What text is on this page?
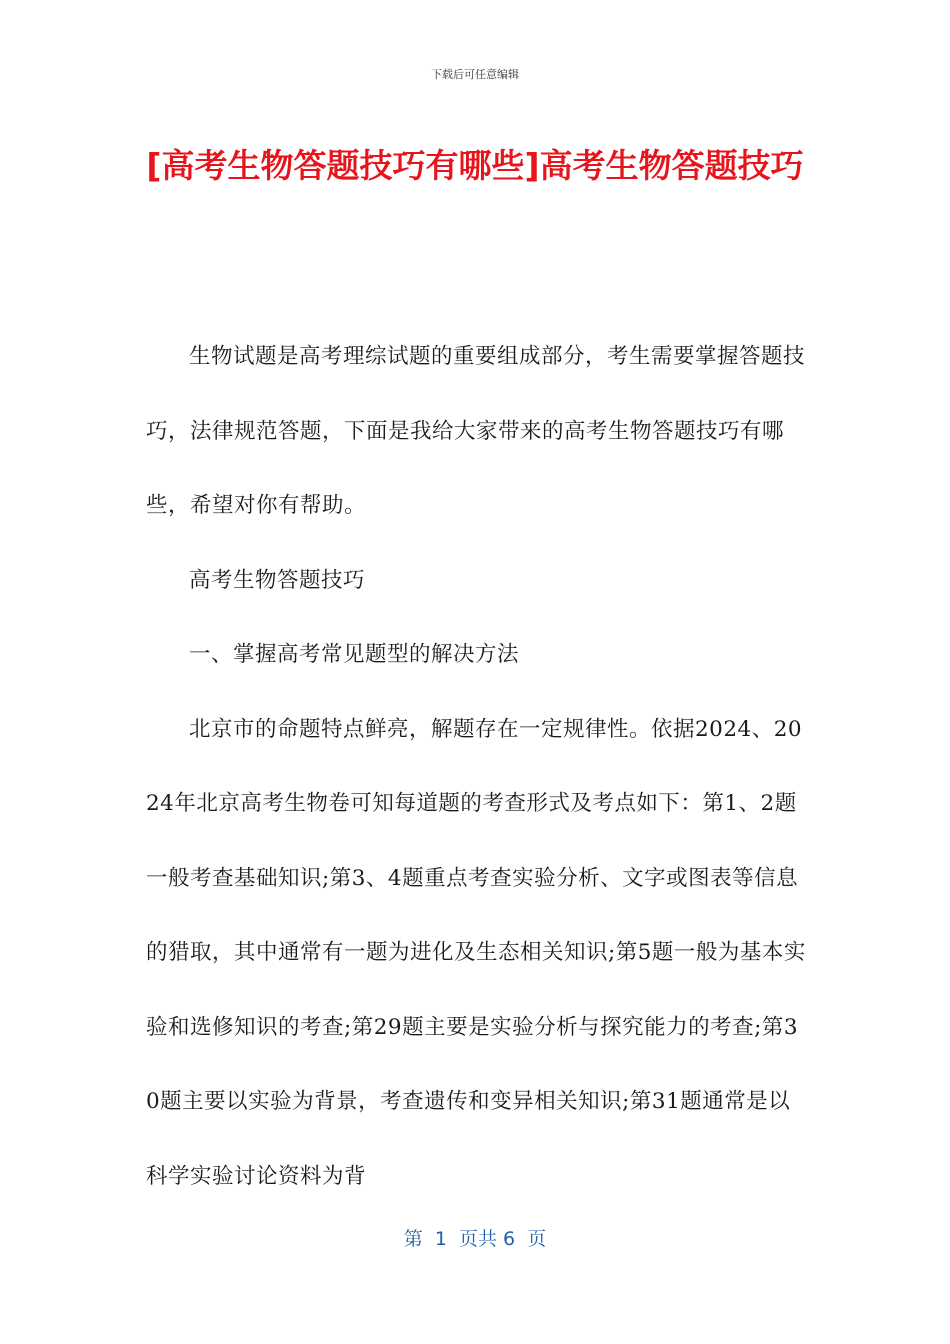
下载后可任意编辑
[高考生物答题技巧有哪些]高考生物答题技巧

生物试题是高考理综试题的重要组成部分，考生需要掌握答题技巧，法律规范答题，下面是我给大家带来的高考生物答题技巧有哪些，希望对你有帮助。

高考生物答题技巧

一、掌握高考常见题型的解决方法

北京市的命题特点鲜亮，解题存在一定规律性。依据2024、2024年北京高考生物卷可知每道题的考查形式及考点如下：第1、2题一般考查基础知识;第3、4题重点考查实验分析、文字或图表等信息的猎取，其中通常有一题为进化及生态相关知识;第5题一般为基本实验和选修知识的考查;第29题主要是实验分析与探究能力的考查;第30题主要以实验为背景，考查遗传和变异相关知识;第31题通常是以科学实验讨论资料为背

第  1  页共 6  页
